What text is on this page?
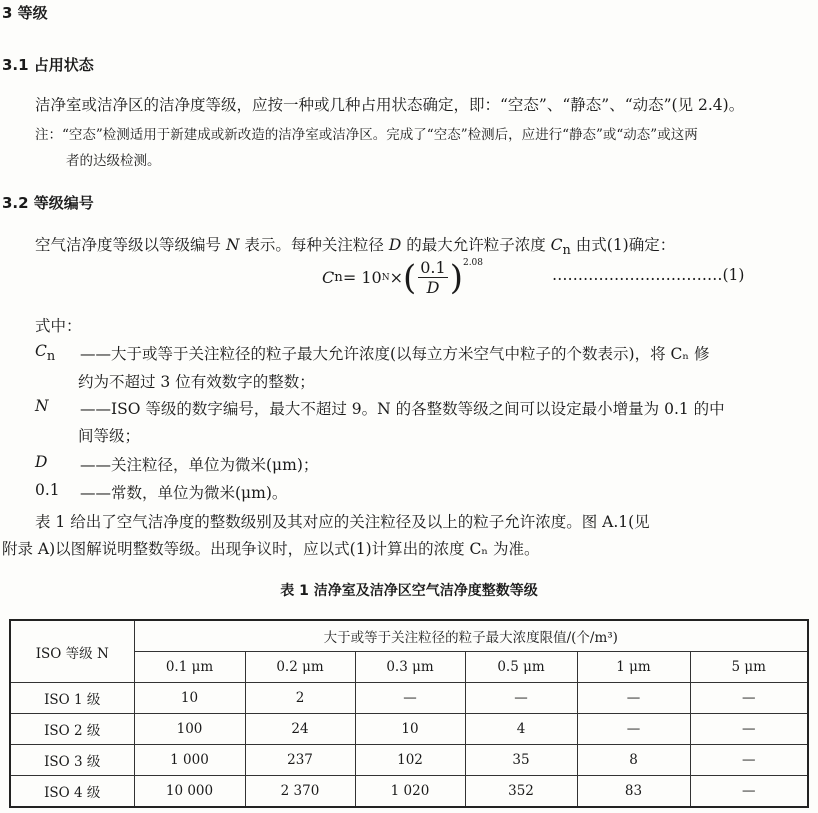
3 等级
3.1 占用状态
洁净室或洁净区的洁净度等级，应按一种或几种占用状态确定，即：“空态”、“静态”、“动态”(见 2.4)。
注：“空态”检测适用于新建成或新改造的洁净室或洁净区。完成了“空态”检测后，应进行“静态”或“动态”或这两
者的达级检测。
3.2 等级编号
空气洁净度等级以等级编号 N 表示。每种关注粒径 D 的最大允许粒子浓度 $C_n$ 由式(1)确定：
C n = 10 N × ( $\frac{0.1}{D} )^{2.08}$
……………………………(1)
式中：
$C_n$ ——大于或等于关注粒径的粒子最大允许浓度(以每立方米空气中粒子的个数表示)，将 Cₙ 修
约为不超过 3 位有效数字的整数；
N ——ISO 等级的数字编号，最大不超过 9。N 的各整数等级之间可以设定最小增量为 0.1 的中
间等级；
D ——关注粒径，单位为微米(μm)；
0.1 ——常数，单位为微米(μm)。
表 1 给出了空气洁净度的整数级别及其对应的关注粒径及以上的粒子允许浓度。图 A.1(见
附录 A)以图解说明整数等级。出现争议时，应以式(1)计算出的浓度 Cₙ 为准。
表 1 洁净室及洁净区空气洁净度整数等级
ISO 等级 N	大于或等于关注粒径的粒子最大浓度限值/(个/m³)					
	0.1 μm	0.2 μm	0.3 μm	0.5 μm	1 μm	5 μm
ISO 1 级	10	2	—	—	—	—
ISO 2 级	100	24	10	4	—	—
ISO 3 级	1 000	237	102	35	8	—
ISO 4 级	10 000	2 370	1 020	352	83	—
